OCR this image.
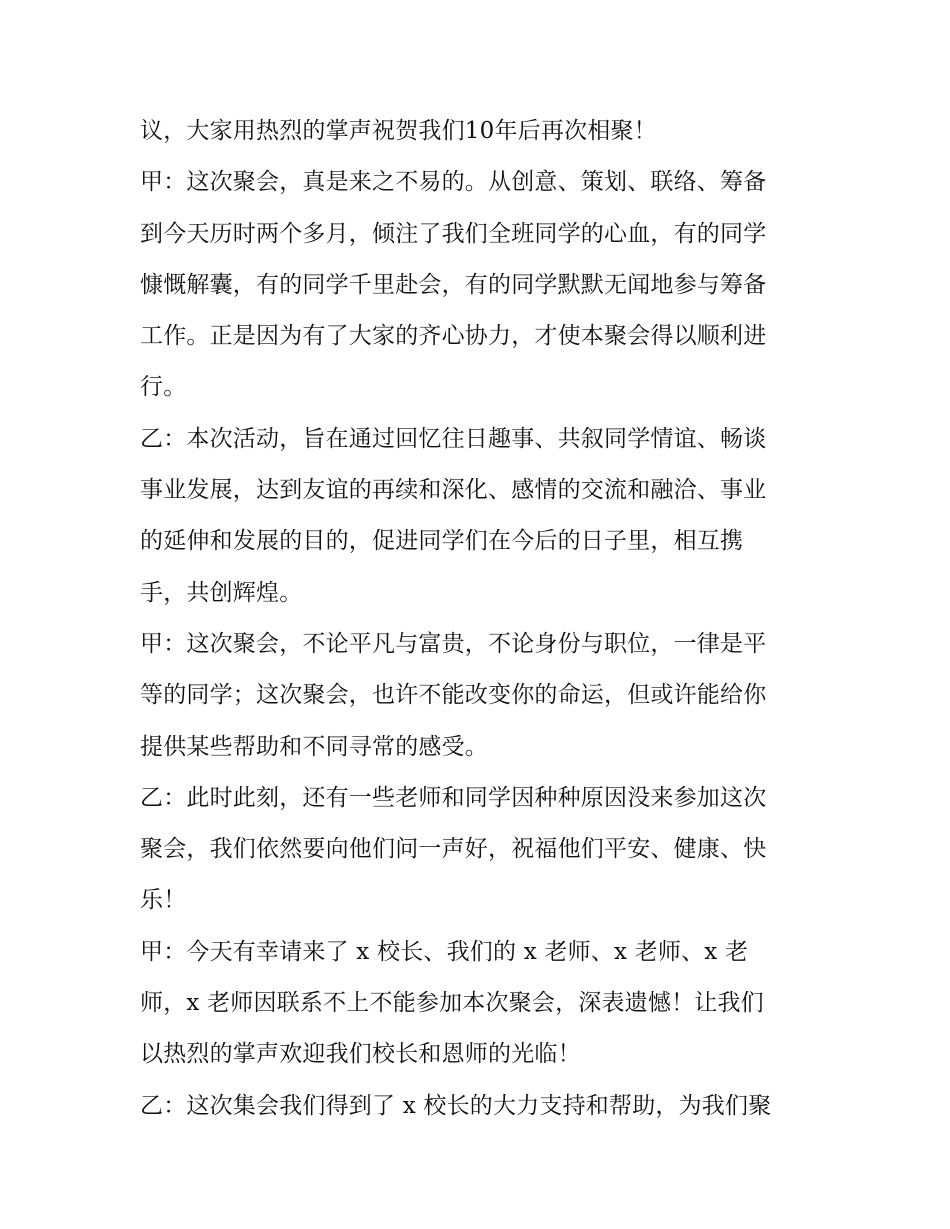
议，大家用热烈的掌声祝贺我们10年后再次相聚！
甲：这次聚会，真是来之不易的。从创意、策划、联络、筹备
到今天历时两个多月，倾注了我们全班同学的心血，有的同学
慷慨解囊，有的同学千里赴会，有的同学默默无闻地参与筹备
工作。正是因为有了大家的齐心协力，才使本聚会得以顺利进
行。
乙：本次活动，旨在通过回忆往日趣事、共叙同学情谊、畅谈
事业发展，达到友谊的再续和深化、感情的交流和融洽、事业
的延伸和发展的目的，促进同学们在今后的日子里，相互携
手，共创辉煌。
甲：这次聚会，不论平凡与富贵，不论身份与职位，一律是平
等的同学；这次聚会，也许不能改变你的命运，但或许能给你
提供某些帮助和不同寻常的感受。
乙：此时此刻，还有一些老师和同学因种种原因没来参加这次
聚会，我们依然要向他们问一声好，祝福他们平安、健康、快
乐！
甲：今天有幸请来了 x 校长、我们的 x 老师、x 老师、x 老
师，x 老师因联系不上不能参加本次聚会，深表遗憾！让我们
以热烈的掌声欢迎我们校长和恩师的光临！
乙：这次集会我们得到了 x 校长的大力支持和帮助，为我们聚
